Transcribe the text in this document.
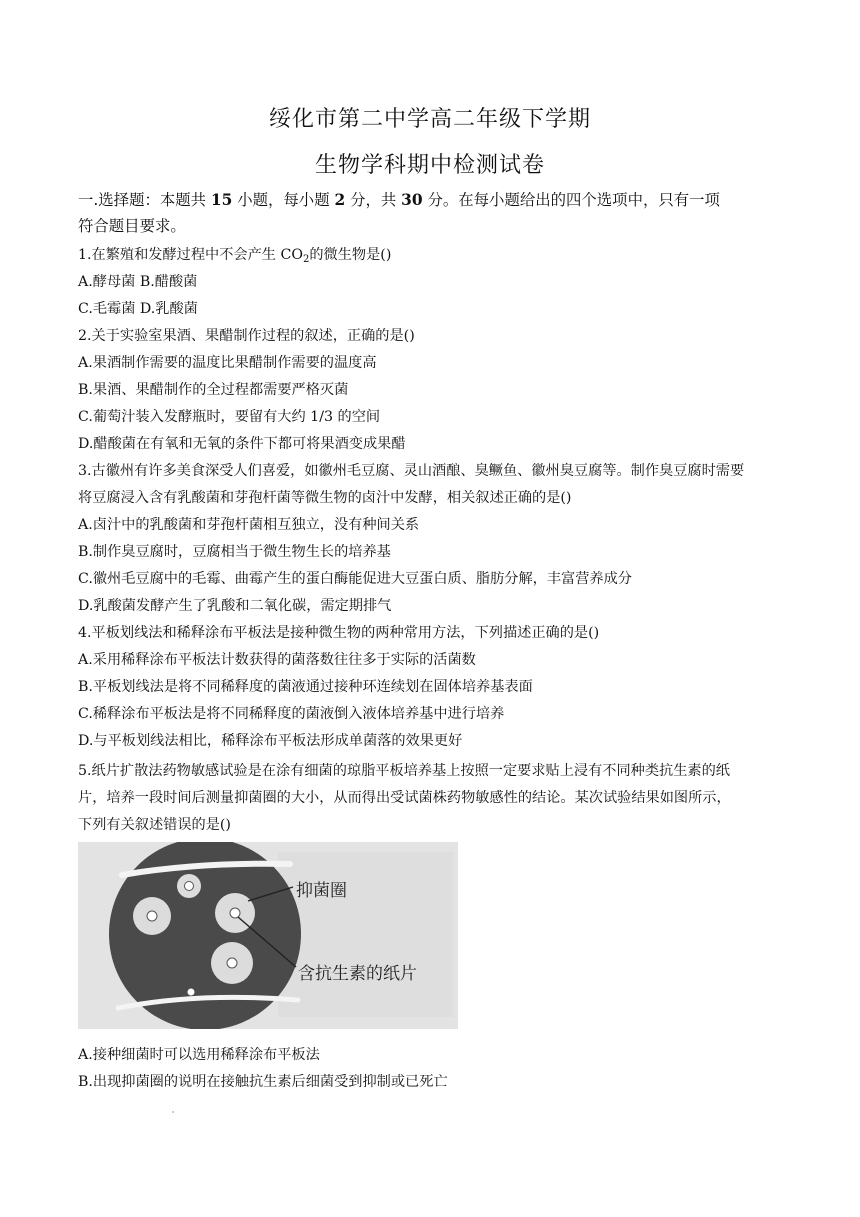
绥化市第二中学高二年级下学期
生物学科期中检测试卷
一.选择题：本题共 15 小题，每小题 2 分，共 30 分。在每小题给出的四个选项中，只有一项
符合题目要求。
1.在繁殖和发酵过程中不会产生 $CO_2$的微生物是()
A.酵母菌 B.醋酸菌
C.毛霉菌 D.乳酸菌
2.关于实验室果酒、果醋制作过程的叙述，正确的是()
A.果酒制作需要的温度比果醋制作需要的温度高
B.果酒、果醋制作的全过程都需要严格灭菌
C.葡萄汁装入发酵瓶时，要留有大约 1/3 的空间
D.醋酸菌在有氧和无氧的条件下都可将果酒变成果醋
3.古徽州有许多美食深受人们喜爱，如徽州毛豆腐、灵山酒酿、臭鳜鱼、徽州臭豆腐等。制作臭豆腐时需要
将豆腐浸入含有乳酸菌和芽孢杆菌等微生物的卤汁中发酵，相关叙述正确的是()
A.卤汁中的乳酸菌和芽孢杆菌相互独立，没有种间关系
B.制作臭豆腐时，豆腐相当于微生物生长的培养基
C.徽州毛豆腐中的毛霉、曲霉产生的蛋白酶能促进大豆蛋白质、脂肪分解，丰富营养成分
D.乳酸菌发酵产生了乳酸和二氧化碳，需定期排气
4.平板划线法和稀释涂布平板法是接种微生物的两种常用方法，下列描述正确的是()
A.采用稀释涂布平板法计数获得的菌落数往往多于实际的活菌数
B.平板划线法是将不同稀释度的菌液通过接种环连续划在固体培养基表面
C.稀释涂布平板法是将不同稀释度的菌液倒入液体培养基中进行培养
D.与平板划线法相比，稀释涂布平板法形成单菌落的效果更好
5.纸片扩散法药物敏感试验是在涂有细菌的琼脂平板培养基上按照一定要求贴上浸有不同种类抗生素的纸
片，培养一段时间后测量抑菌圈的大小，从而得出受试菌株药物敏感性的结论。某次试验结果如图所示，
下列有关叙述错误的是()
抑菌圈
含抗生素的纸片
A.接种细菌时可以选用稀释涂布平板法
B.出现抑菌圈的说明在接触抗生素后细菌受到抑制或已死亡
